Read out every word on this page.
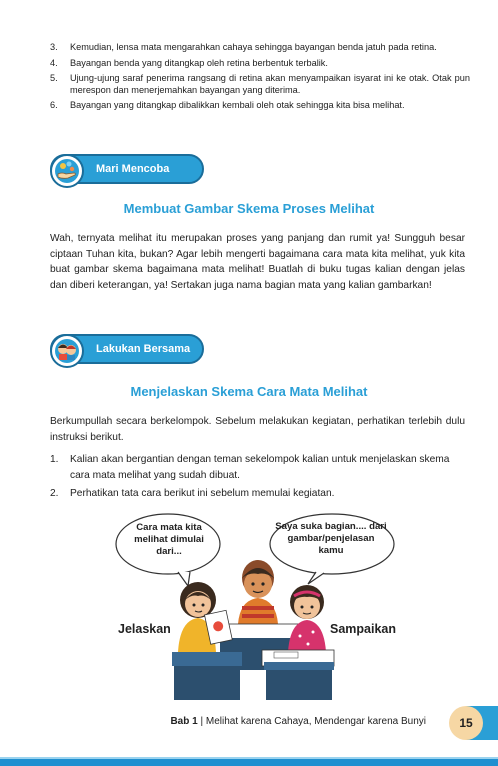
3.	Kemudian, lensa mata mengarahkan cahaya sehingga bayangan benda jatuh pada retina.
4.	Bayangan benda yang ditangkap oleh retina berbentuk terbalik.
5.	Ujung-ujung saraf penerima rangsang di retina akan menyampaikan isyarat ini ke otak. Otak pun merespon dan menerjemahkan bayangan yang diterima.
6.	Bayangan yang ditangkap dibalikkan kembali oleh otak sehingga kita bisa melihat.
Mari Mencoba
Membuat Gambar Skema Proses Melihat

Wah, ternyata melihat itu merupakan proses yang panjang dan rumit ya! Sungguh besar ciptaan Tuhan kita, bukan? Agar lebih mengerti bagaimana cara mata kita melihat, yuk kita buat gambar skema bagaimana mata melihat! Buatlah di buku tugas kalian dengan jelas dan diberi keterangan, ya! Sertakan juga nama bagian mata yang kalian gambarkan!

Lakukan Bersama
Menjelaskan Skema Cara Mata Melihat

Berkumpullah secara berkelompok. Sebelum melakukan kegiatan, perhatikan terlebih dulu instruksi berikut.

1.	Kalian akan bergantian dengan teman sekelompok kalian untuk menjelaskan skema cara mata melihat yang sudah dibuat.
2.	Perhatikan tata cara berikut ini sebelum memulai kegiatan.
Cara mata kita melihat dimulai dari...
Saya suka bagian.... dari gambar/penjelasan kamu
Jelaskan	Sampaikan
Bab 1 | Melihat karena Cahaya, Mendengar karena Bunyi	15
